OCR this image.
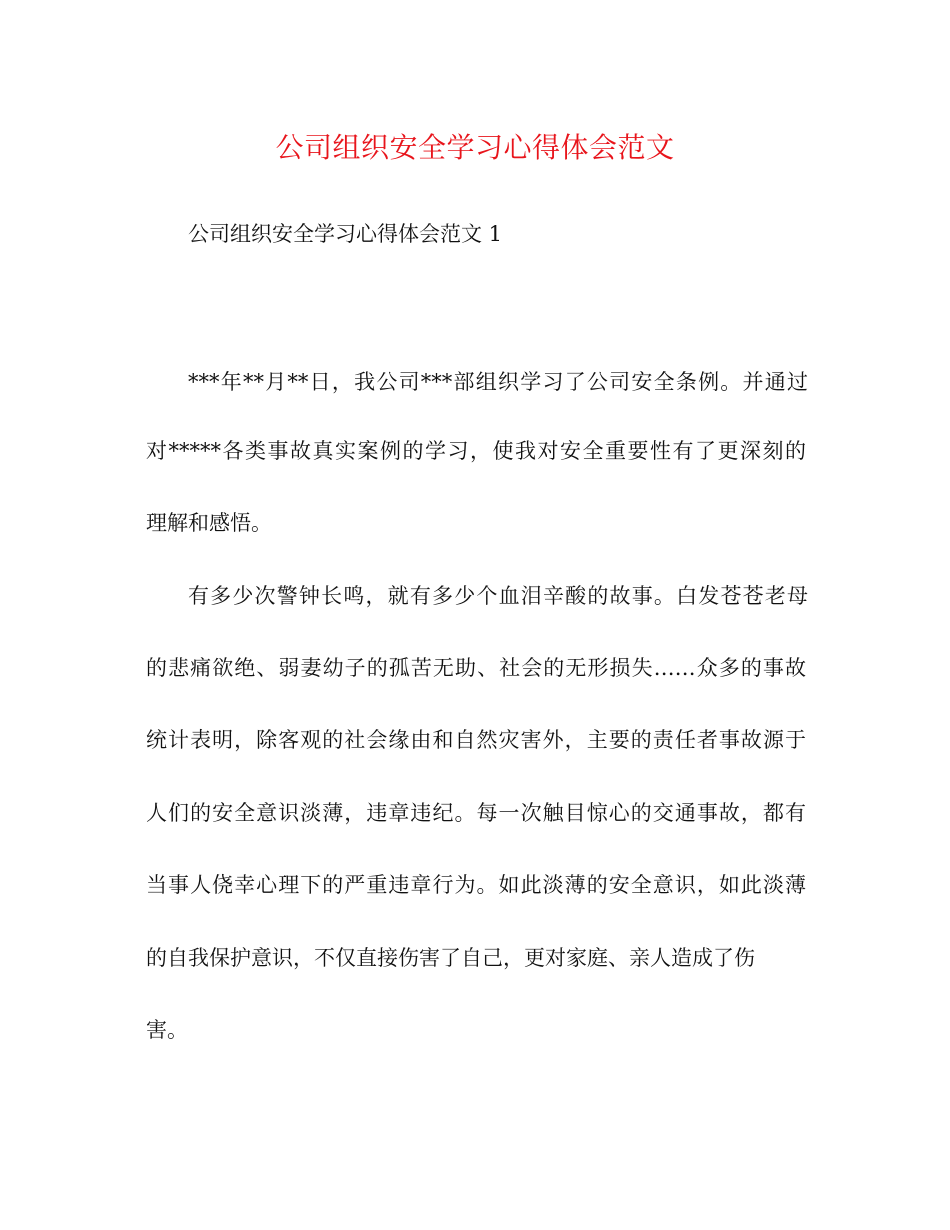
公司组织安全学习心得体会范文
公司组织安全学习心得体会范文 1
***年**月**日，我公司***部组织学习了公司安全条例。并通过
对*****各类事故真实案例的学习，使我对安全重要性有了更深刻的
理解和感悟。
有多少次警钟长鸣，就有多少个血泪辛酸的故事。白发苍苍老母
的悲痛欲绝、弱妻幼子的孤苦无助、社会的无形损失……众多的事故
统计表明，除客观的社会缘由和自然灾害外，主要的责任者事故源于
人们的安全意识淡薄，违章违纪。每一次触目惊心的交通事故，都有
当事人侥幸心理下的严重违章行为。如此淡薄的安全意识，如此淡薄
的自我保护意识，不仅直接伤害了自己，更对家庭、亲人造成了伤
害。
